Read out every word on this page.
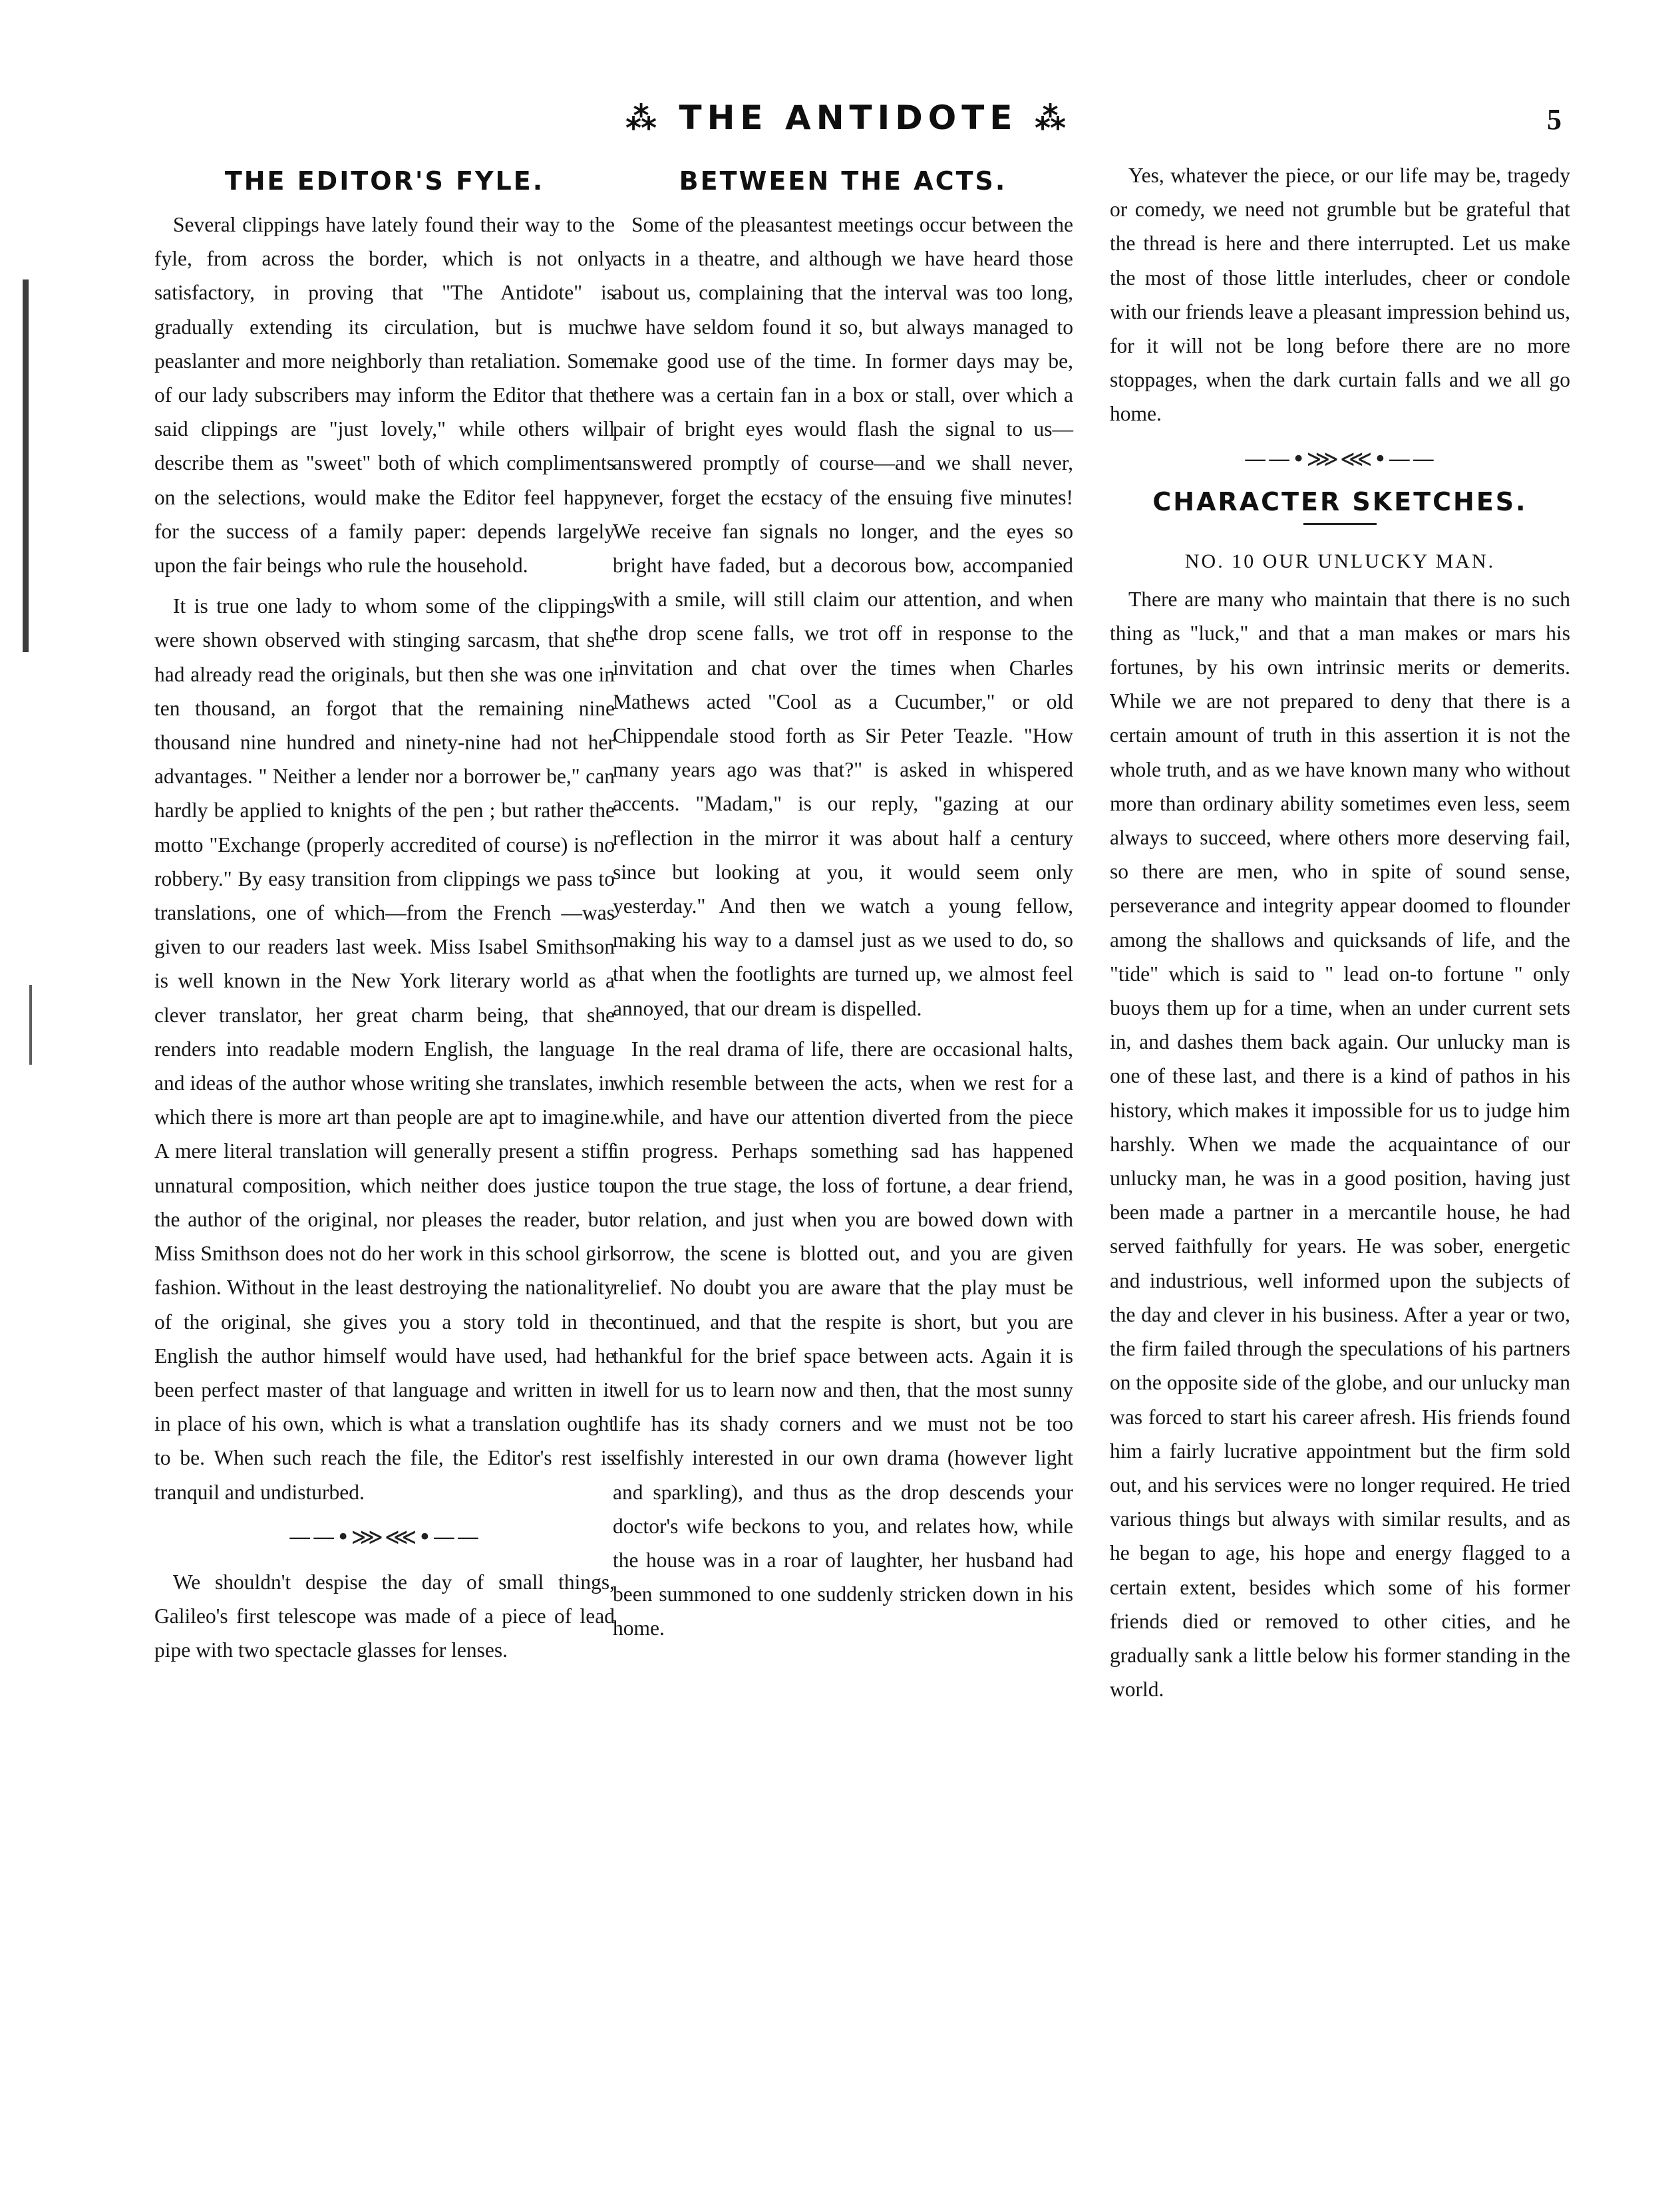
⁂ THE ANTIDOTE ⁂	5
THE EDITOR'S FYLE.

Several clippings have lately found their way to the fyle, from across the border, which is not only satisfactory, in proving that "The Antidote" is gradually extending its circulation, but is much peaslanter and more neighborly than retaliation. Some of our lady subscribers may inform the Editor that the said clippings are "just lovely," while others will describe them as "sweet" both of which compliments on the selections, would make the Editor feel happy for the success of a family paper: depends largely upon the fair beings who rule the household.

It is true one lady to whom some of the clippings were shown observed with stinging sarcasm, that she had already read the originals, but then she was one in ten thousand, an forgot that the remaining nine thousand nine hundred and ninety-nine had not her advantages. " Neither a lender nor a borrower be," can hardly be applied to knights of the pen ; but rather the motto "Exchange (properly accredited of course) is no robbery." By easy transition from clippings we pass to translations, one of which—from the French —was given to our readers last week. Miss Isabel Smithson is well known in the New York literary world as a clever translator, her great charm being, that she renders into readable modern English, the language and ideas of the author whose writing she translates, in which there is more art than people are apt to imagine. A mere literal translation will generally present a stiff unnatural composition, which neither does justice to the author of the original, nor pleases the reader, but Miss Smithson does not do her work in this school girl fashion. Without in the least destroying the nationality of the original, she gives you a story told in the English the author himself would have used, had he been perfect master of that language and written in it in place of his own, which is what a translation ought to be. When such reach the file, the Editor's rest is tranquil and undisturbed.

——•⋙⋘•——

We shouldn't despise the day of small things, Galileo's first telescope was made of a piece of lead pipe with two spectacle glasses for lenses.

BETWEEN THE ACTS.

Some of the pleasantest meetings occur between the acts in a theatre, and although we have heard those about us, complaining that the interval was too long, we have seldom found it so, but always managed to make good use of the time. In former days may be, there was a certain fan in a box or stall, over which a pair of bright eyes would flash the signal to us—answered promptly of course—and we shall never, never, forget the ecstacy of the ensuing five minutes! We receive fan signals no longer, and the eyes so bright have faded, but a decorous bow, accompanied with a smile, will still claim our attention, and when the drop scene falls, we trot off in response to the invitation and chat over the times when Charles Mathews acted "Cool as a Cucumber," or old Chippendale stood forth as Sir Peter Teazle. "How many years ago was that?" is asked in whispered accents. "Madam," is our reply, "gazing at our reflection in the mirror it was about half a century since but looking at you, it would seem only yesterday." And then we watch a young fellow, making his way to a damsel just as we used to do, so that when the footlights are turned up, we almost feel annoyed, that our dream is dispelled.

In the real drama of life, there are occasional halts, which resemble between the acts, when we rest for a while, and have our attention diverted from the piece in progress. Perhaps something sad has happened upon the true stage, the loss of fortune, a dear friend, or relation, and just when you are bowed down with sorrow, the scene is blotted out, and you are given relief. No doubt you are aware that the play must be continued, and that the respite is short, but you are thankful for the brief space between acts. Again it is well for us to learn now and then, that the most sunny life has its shady corners and we must not be too selfishly interested in our own drama (however light and sparkling), and thus as the drop descends your doctor's wife beckons to you, and relates how, while the house was in a roar of laughter, her husband had been summoned to one suddenly stricken down in his home.

Yes, whatever the piece, or our life may be, tragedy or comedy, we need not grumble but be grateful that the thread is here and there interrupted. Let us make the most of those little interludes, cheer or condole with our friends leave a pleasant impression behind us, for it will not be long before there are no more stoppages, when the dark curtain falls and we all go home.

——•⋙⋘•——
CHARACTER SKETCHES.
NO. 10 OUR UNLUCKY MAN.

There are many who maintain that there is no such thing as "luck," and that a man makes or mars his fortunes, by his own intrinsic merits or demerits. While we are not prepared to deny that there is a certain amount of truth in this assertion it is not the whole truth, and as we have known many who without more than ordinary ability sometimes even less, seem always to succeed, where others more deserving fail, so there are men, who in spite of sound sense, perseverance and integrity appear doomed to flounder among the shallows and quicksands of life, and the "tide" which is said to " lead on-to fortune " only buoys them up for a time, when an under current sets in, and dashes them back again. Our unlucky man is one of these last, and there is a kind of pathos in his history, which makes it impossible for us to judge him harshly. When we made the acquaintance of our unlucky man, he was in a good position, having just been made a partner in a mercantile house, he had served faithfully for years. He was sober, energetic and industrious, well informed upon the subjects of the day and clever in his business. After a year or two, the firm failed through the speculations of his partners on the opposite side of the globe, and our unlucky man was forced to start his career afresh. His friends found him a fairly lucrative appointment but the firm sold out, and his services were no longer required. He tried various things but always with similar results, and as he began to age, his hope and energy flagged to a certain extent, besides which some of his former friends died or removed to other cities, and he gradually sank a little below his former standing in the world.
